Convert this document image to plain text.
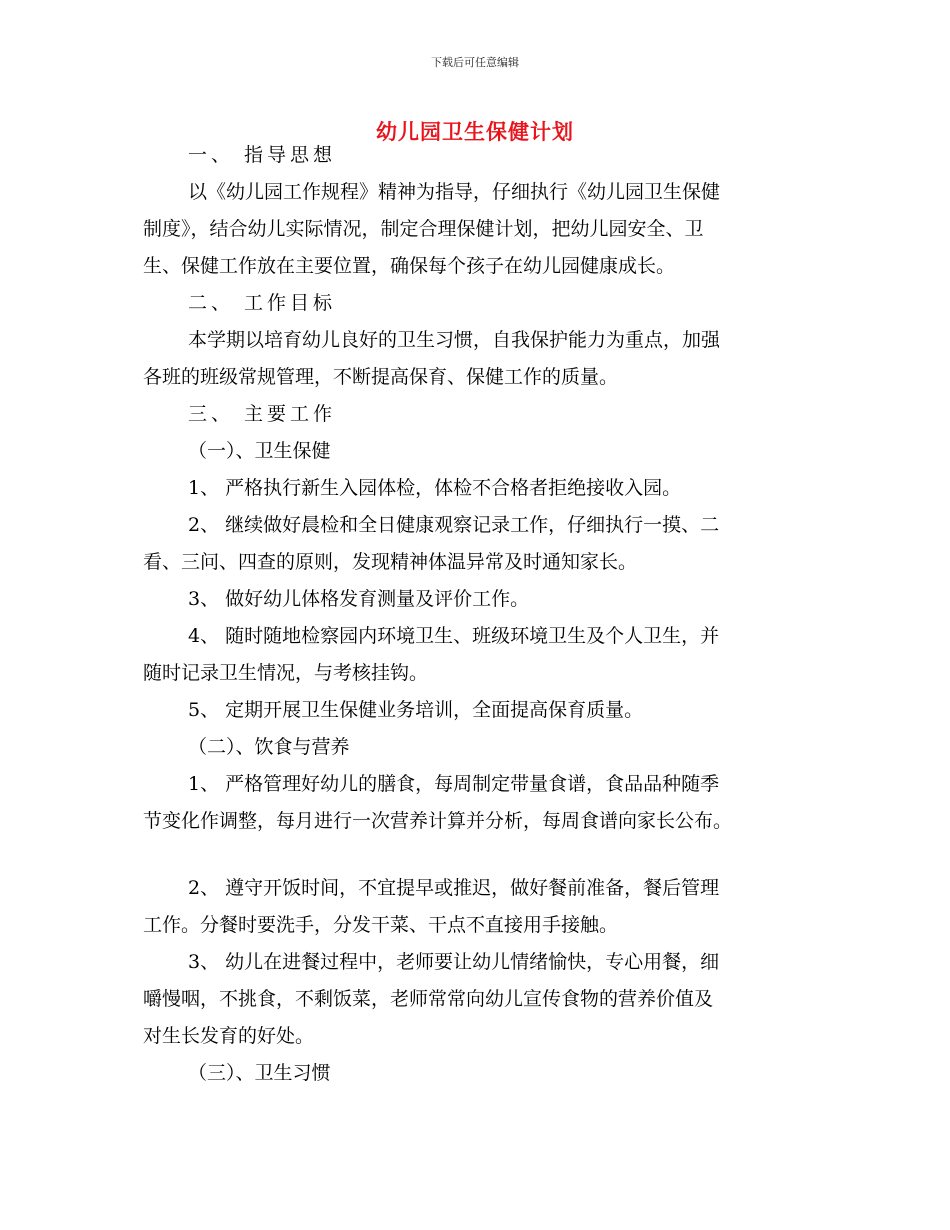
下载后可任意编辑
幼儿园卫生保健计划
一、 指导思想
以《幼儿园工作规程》精神为指导，仔细执行《幼儿园卫生保健
制度》，结合幼儿实际情况，制定合理保健计划，把幼儿园安全、卫
生、保健工作放在主要位置，确保每个孩子在幼儿园健康成长。
二、 工作目标
本学期以培育幼儿良好的卫生习惯，自我保护能力为重点，加强
各班的班级常规管理，不断提高保育、保健工作的质量。
三、 主要工作
（一）、卫生保健
1、 严格执行新生入园体检，体检不合格者拒绝接收入园。
2、 继续做好晨检和全日健康观察记录工作，仔细执行一摸、二
看、三问、四查的原则，发现精神体温异常及时通知家长。
3、 做好幼儿体格发育测量及评价工作。
4、 随时随地检察园内环境卫生、班级环境卫生及个人卫生，并
随时记录卫生情况，与考核挂钩。
5、 定期开展卫生保健业务培训，全面提高保育质量。
（二）、饮食与营养
1、 严格管理好幼儿的膳食，每周制定带量食谱，食品品种随季
节变化作调整，每月进行一次营养计算并分析，每周食谱向家长公布。
2、 遵守开饭时间，不宜提早或推迟，做好餐前准备，餐后管理
工作。分餐时要洗手，分发干菜、干点不直接用手接触。
3、 幼儿在进餐过程中，老师要让幼儿情绪愉快，专心用餐，细
嚼慢咽，不挑食，不剩饭菜，老师常常向幼儿宣传食物的营养价值及
对生长发育的好处。
（三）、卫生习惯
